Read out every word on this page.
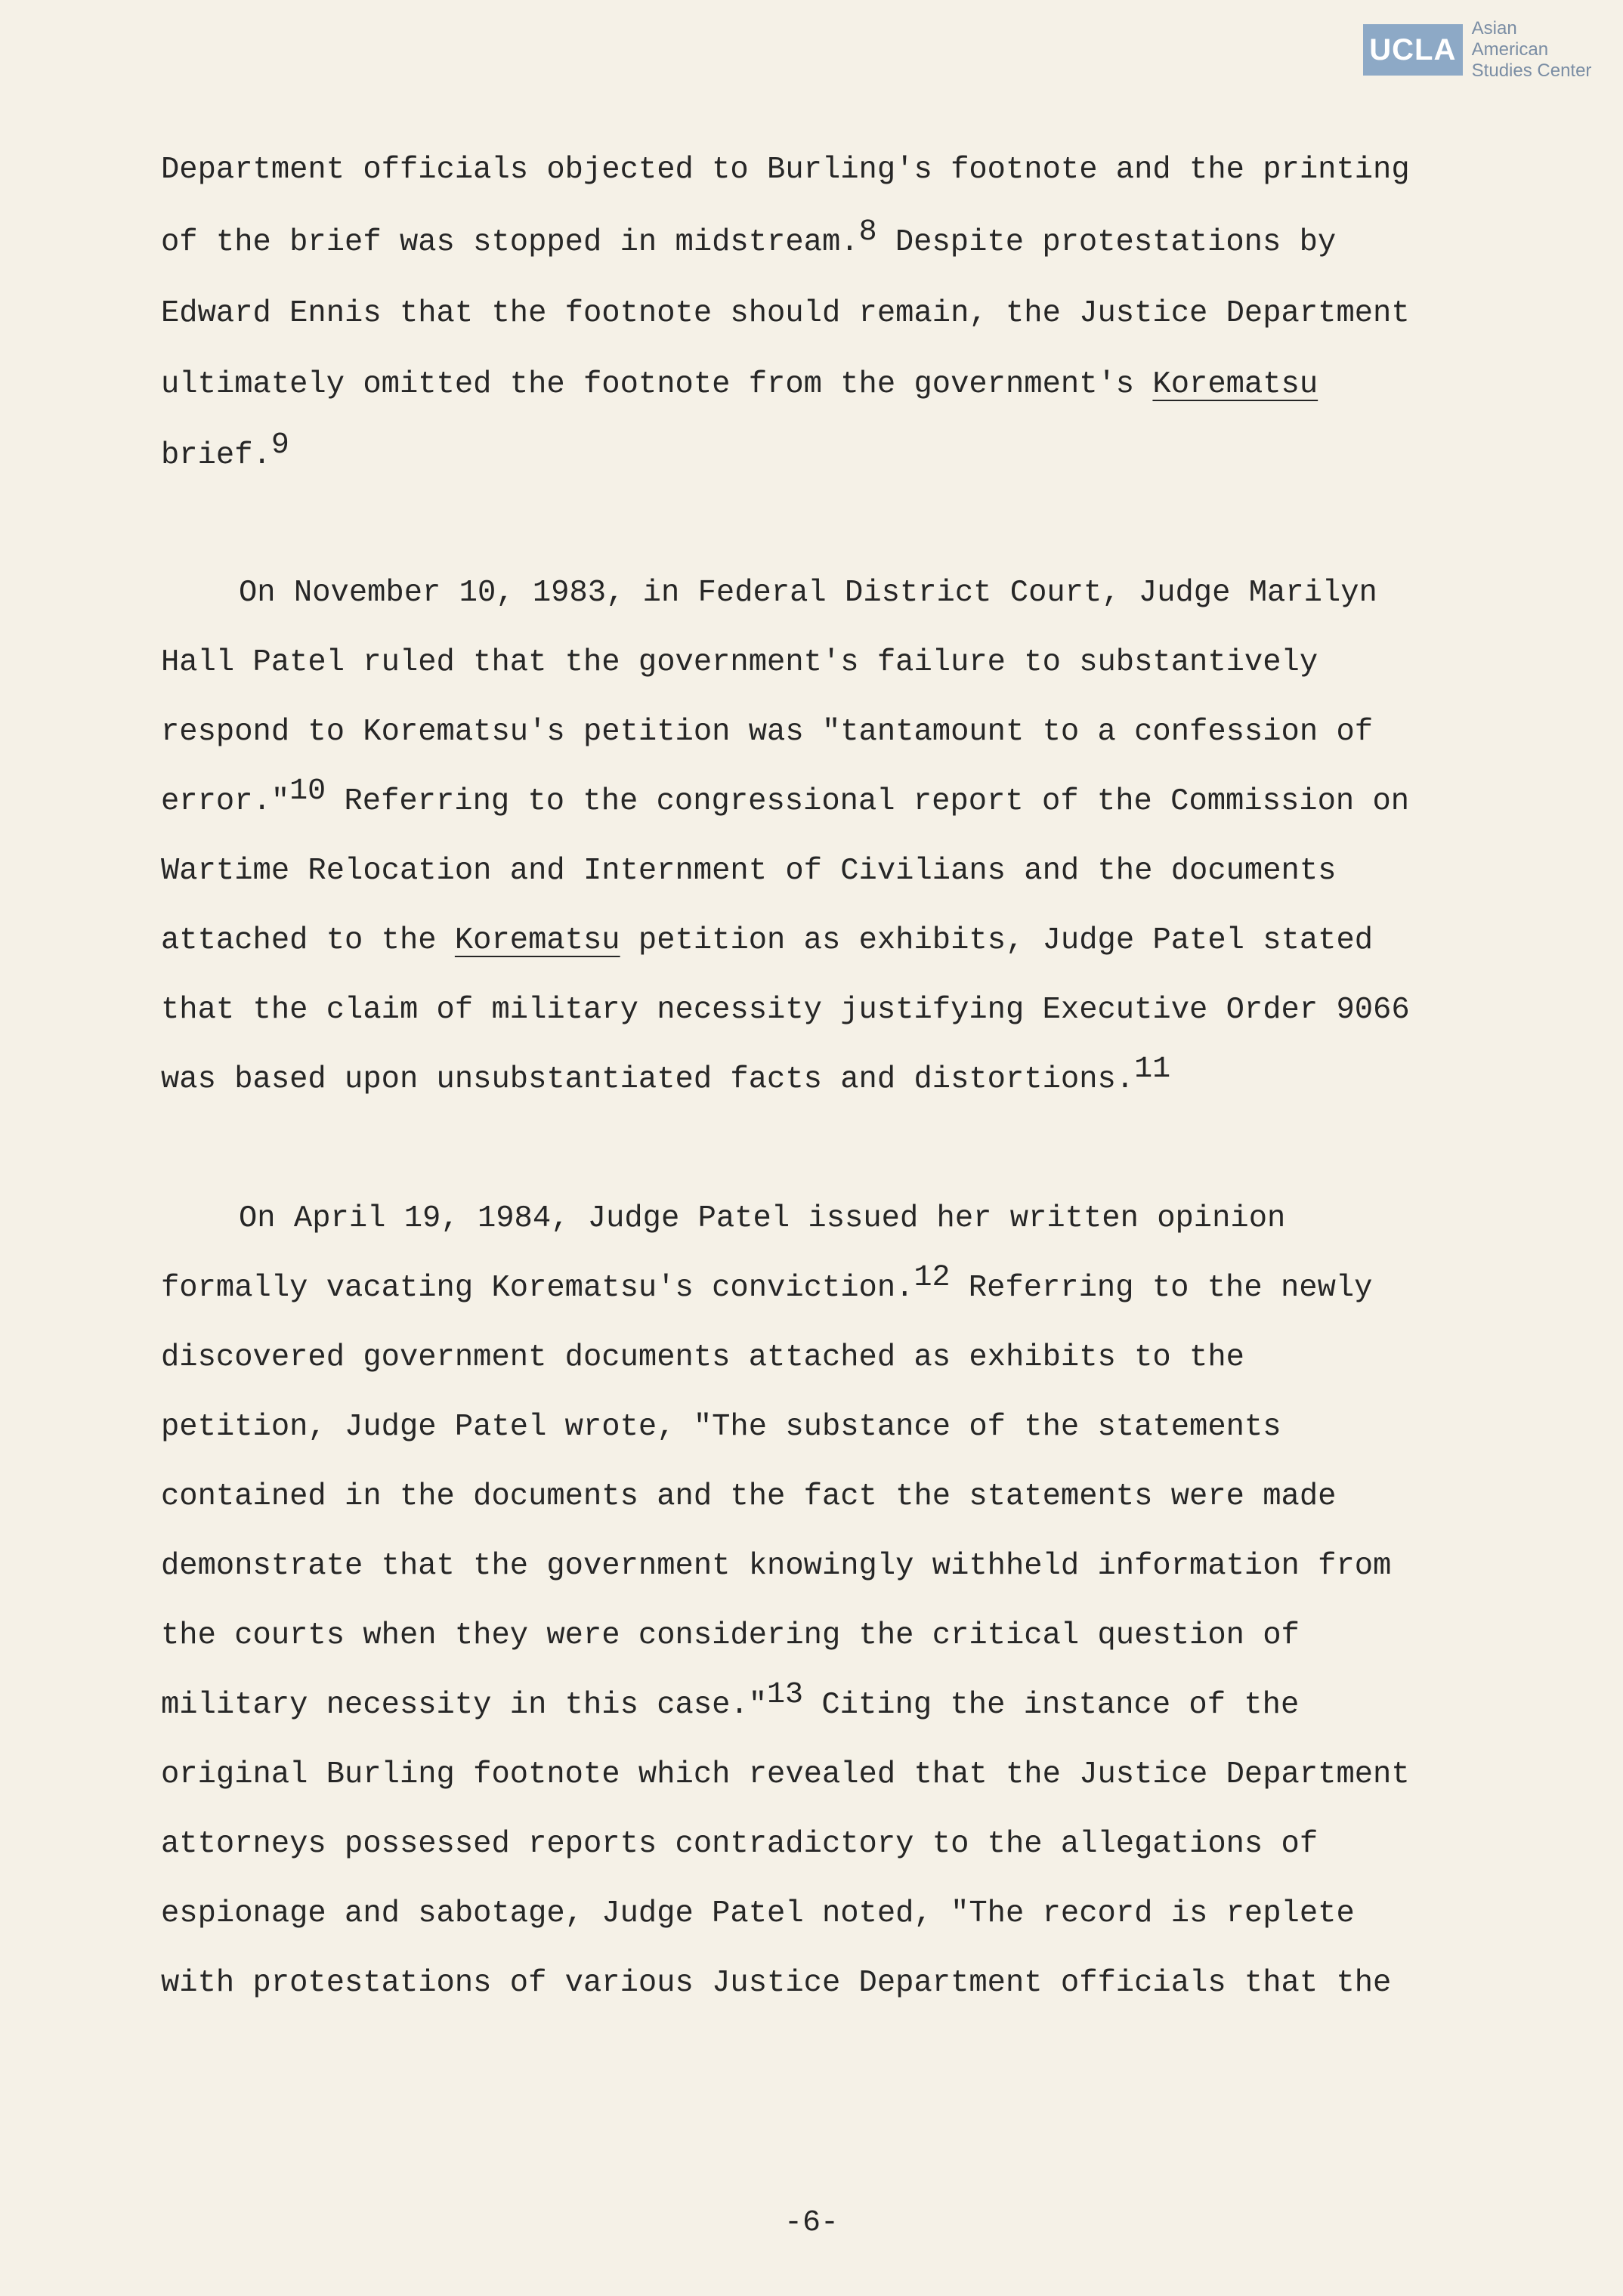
UCLA
Asian American
Studies Center
Department officials objected to Burling's footnote and the printing
of the brief was stopped in midstream.8 Despite protestations by
Edward Ennis that the footnote should remain, the Justice Department
ultimately omitted the footnote from the government's Korematsu
brief.9
On November 10, 1983, in Federal District Court, Judge Marilyn
Hall Patel ruled that the government's failure to substantively
respond to Korematsu's petition was "tantamount to a confession of
error."10 Referring to the congressional report of the Commission on
Wartime Relocation and Internment of Civilians and the documents
attached to the Korematsu petition as exhibits, Judge Patel stated
that the claim of military necessity justifying Executive Order 9066
was based upon unsubstantiated facts and distortions.11
On April 19, 1984, Judge Patel issued her written opinion
formally vacating Korematsu's conviction.12 Referring to the newly
discovered government documents attached as exhibits to the
petition, Judge Patel wrote, "The substance of the statements
contained in the documents and the fact the statements were made
demonstrate that the government knowingly withheld information from
the courts when they were considering the critical question of
military necessity in this case."13 Citing the instance of the
original Burling footnote which revealed that the Justice Department
attorneys possessed reports contradictory to the allegations of
espionage and sabotage, Judge Patel noted, "The record is replete
with protestations of various Justice Department officials that the
-6-
